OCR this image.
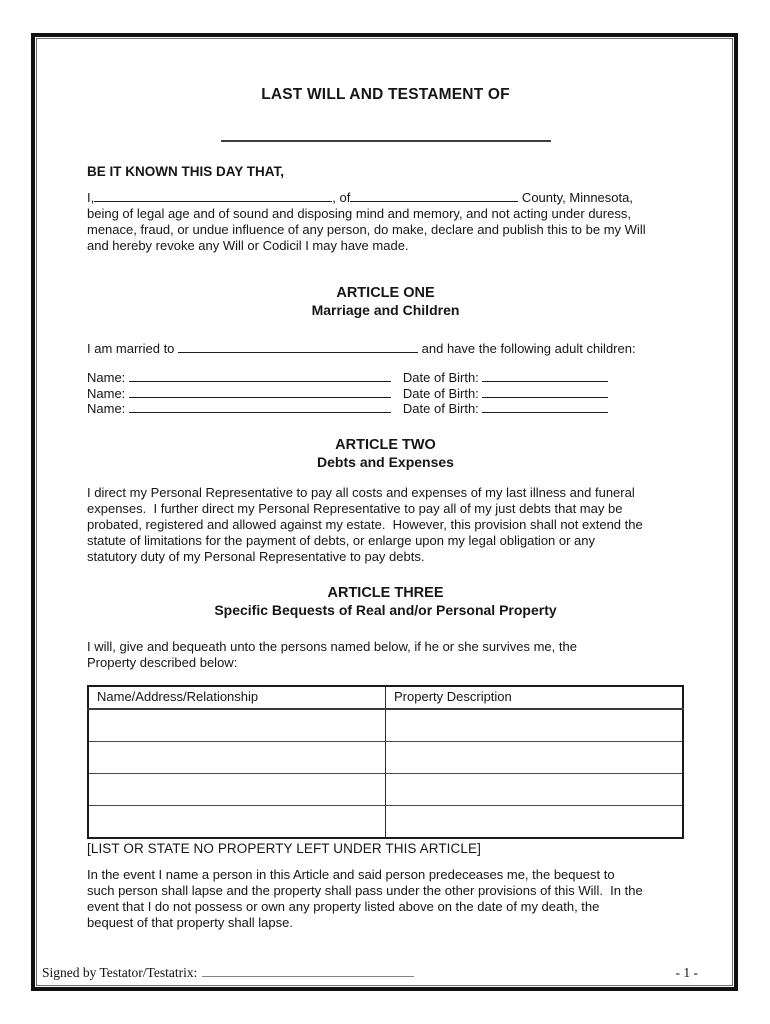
LAST WILL AND TESTAMENT OF
BE IT KNOWN THIS DAY THAT,
I,	, of	County, Minnesota,
being of legal age and of sound and disposing mind and memory, and not acting under duress,
menace, fraud, or undue influence of any person, do make, declare and publish this to be my Will
and hereby revoke any Will or Codicil I may have made.
ARTICLE ONE
Marriage and Children
I am married to	and have the following adult children:
Name:	Date of Birth:
Name:	Date of Birth:
Name:	Date of Birth:
ARTICLE TWO
Debts and Expenses
I direct my Personal Representative to pay all costs and expenses of my last illness and funeral
expenses.  I further direct my Personal Representative to pay all of my just debts that may be
probated, registered and allowed against my estate.  However, this provision shall not extend the
statute of limitations for the payment of debts, or enlarge upon my legal obligation or any
statutory duty of my Personal Representative to pay debts.
ARTICLE THREE
Specific Bequests of Real and/or Personal Property
I will, give and bequeath unto the persons named below, if he or she survives me, the
Property described below:
Name/Address/Relationship	Property Description

[LIST OR STATE NO PROPERTY LEFT UNDER THIS ARTICLE]
In the event I name a person in this Article and said person predeceases me, the bequest to
such person shall lapse and the property shall pass under the other provisions of this Will.  In the
event that I do not possess or own any property listed above on the date of my death, the
bequest of that property shall lapse.
Signed by Testator/Testatrix:	- 1 -
